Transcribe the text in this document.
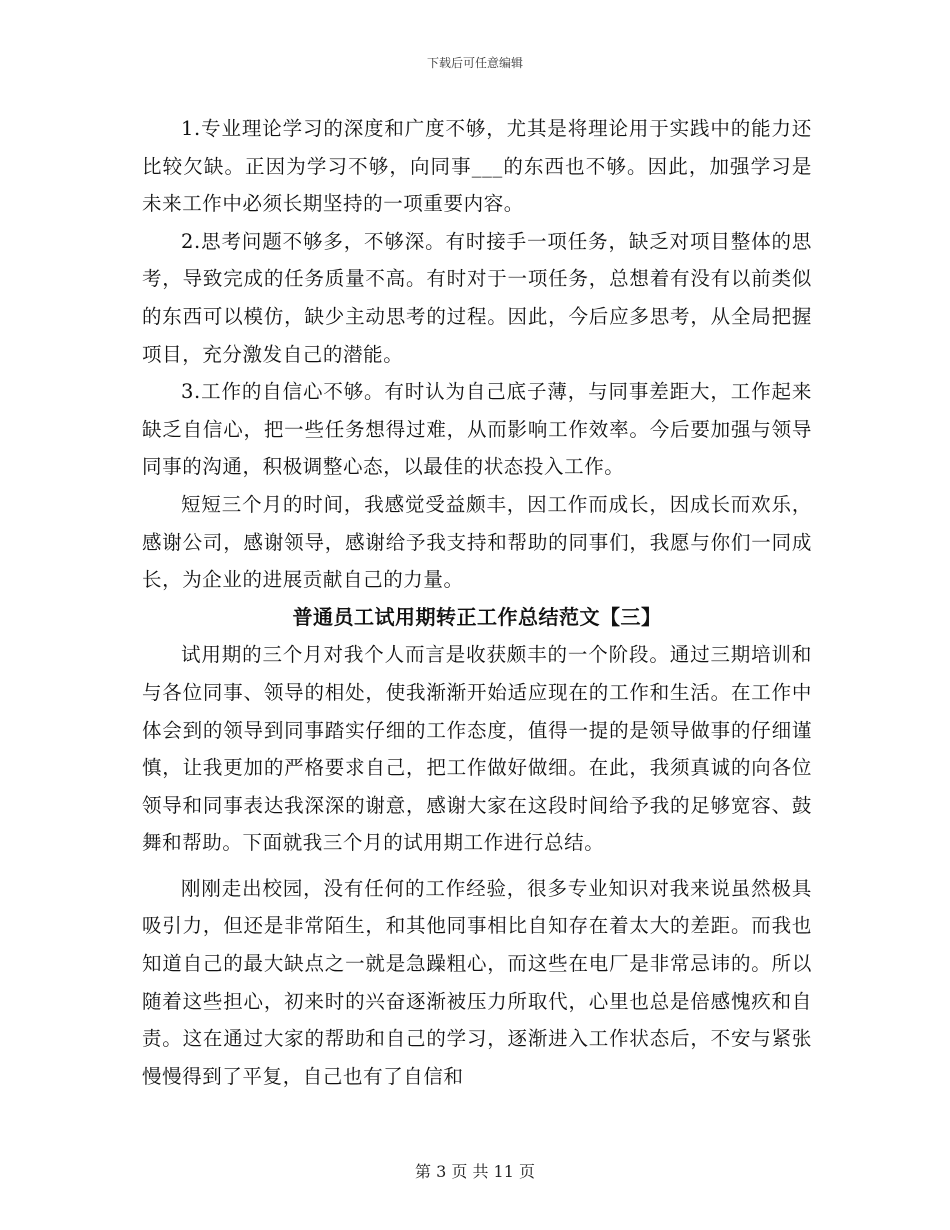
下载后可任意编辑

1.专业理论学习的深度和广度不够，尤其是将理论用于实践中的能力还比较欠缺。正因为学习不够，向同事___的东西也不够。因此，加强学习是未来工作中必须长期坚持的一项重要内容。

2.思考问题不够多，不够深。有时接手一项任务，缺乏对项目整体的思考，导致完成的任务质量不高。有时对于一项任务，总想着有没有以前类似的东西可以模仿，缺少主动思考的过程。因此，今后应多思考，从全局把握项目，充分激发自己的潜能。

3.工作的自信心不够。有时认为自己底子薄，与同事差距大，工作起来缺乏自信心，把一些任务想得过难，从而影响工作效率。今后要加强与领导同事的沟通，积极调整心态，以最佳的状态投入工作。

短短三个月的时间，我感觉受益颇丰，因工作而成长，因成长而欢乐，感谢公司，感谢领导，感谢给予我支持和帮助的同事们，我愿与你们一同成长，为企业的进展贡献自己的力量。

普通员工试用期转正工作总结范文【三】

试用期的三个月对我个人而言是收获颇丰的一个阶段。通过三期培训和与各位同事、领导的相处，使我渐渐开始适应现在的工作和生活。在工作中体会到的领导到同事踏实仔细的工作态度，值得一提的是领导做事的仔细谨慎，让我更加的严格要求自己，把工作做好做细。在此，我须真诚的向各位领导和同事表达我深深的谢意，感谢大家在这段时间给予我的足够宽容、鼓舞和帮助。下面就我三个月的试用期工作进行总结。

刚刚走出校园，没有任何的工作经验，很多专业知识对我来说虽然极具吸引力，但还是非常陌生，和其他同事相比自知存在着太大的差距。而我也知道自己的最大缺点之一就是急躁粗心，而这些在电厂是非常忌讳的。所以随着这些担心，初来时的兴奋逐渐被压力所取代，心里也总是倍感愧疚和自责。这在通过大家的帮助和自己的学习，逐渐进入工作状态后，不安与紧张慢慢得到了平复，自己也有了自信和

第 3 页 共 11 页
